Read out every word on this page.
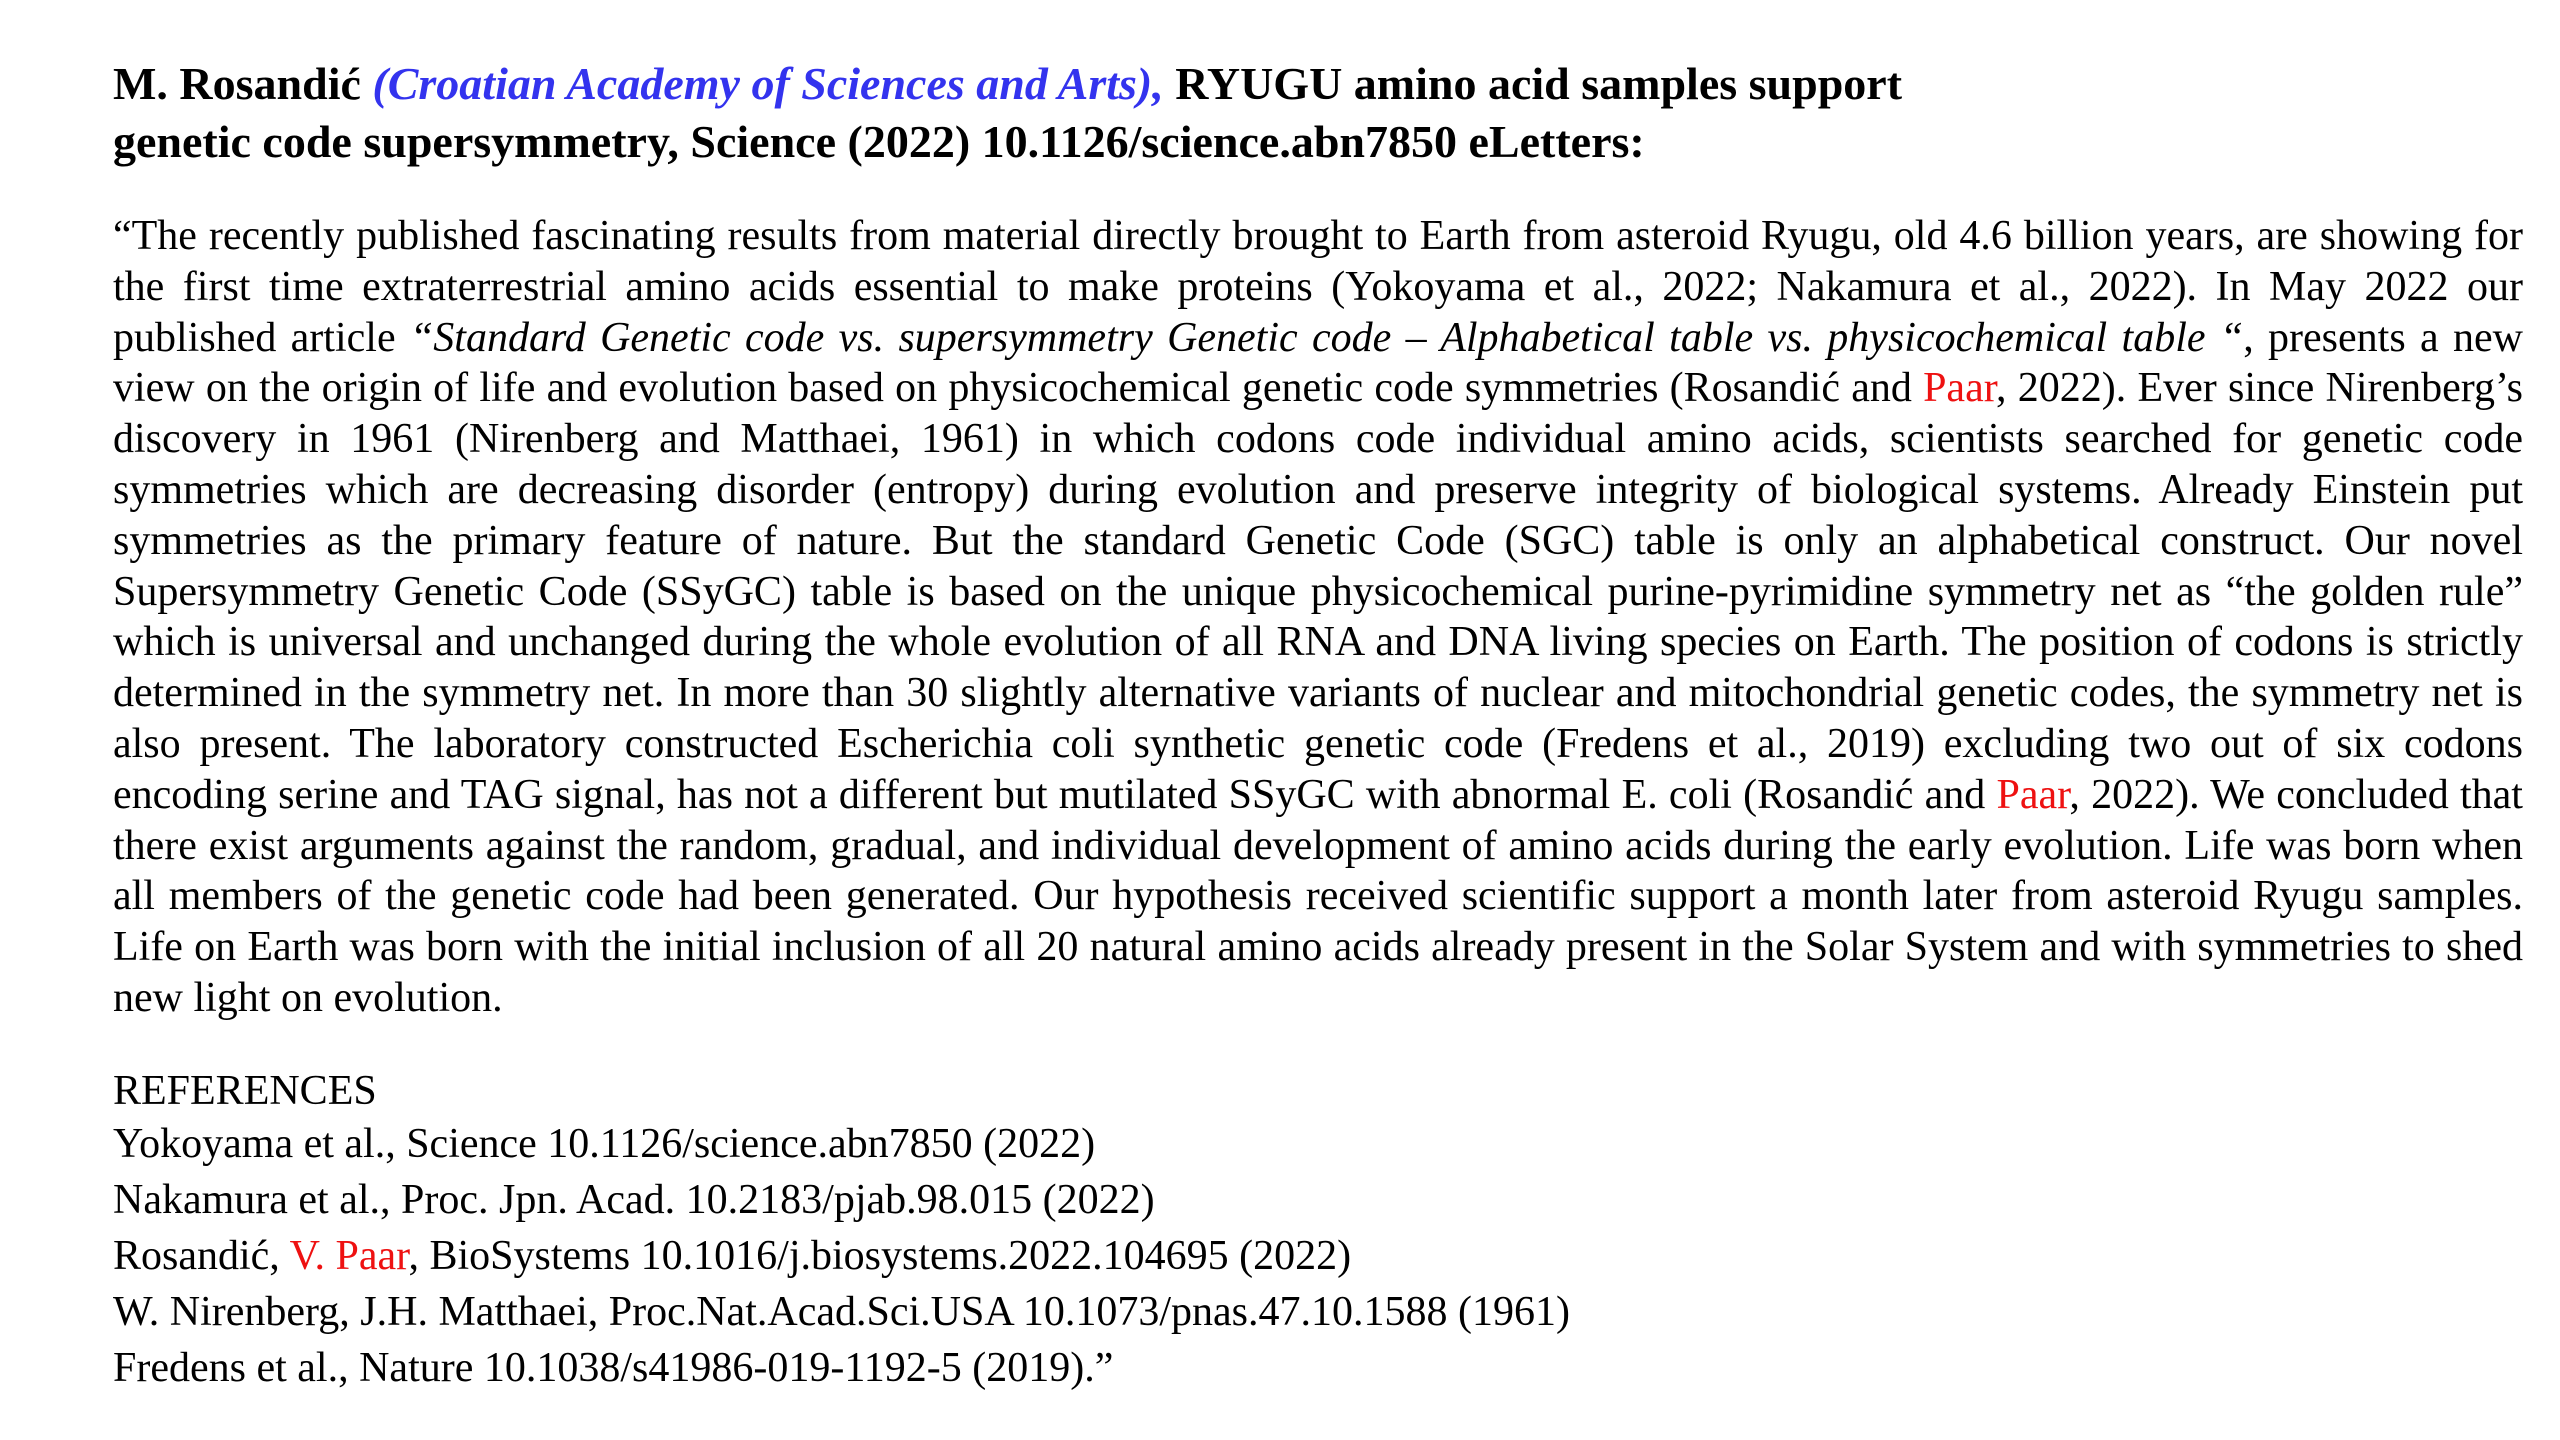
M. Rosandić (Croatian Academy of Sciences and Arts), RYUGU amino acid samples support
genetic code supersymmetry, Science (2022) 10.1126/science.abn7850 eLetters:

“The recently published fascinating results from material directly brought to Earth from asteroid Ryugu, old 4.6 billion years, are showing for the first time extraterrestrial amino acids essential to make proteins (Yokoyama et al., 2022; Nakamura et al., 2022). In May 2022 our published article “Standard Genetic code vs. supersymmetry Genetic code – Alphabetical table vs. physicochemical table “, presents a new view on the origin of life and evolution based on physicochemical genetic code symmetries (Rosandić and Paar, 2022). Ever since Nirenberg’s discovery in 1961 (Nirenberg and Matthaei, 1961) in which codons code individual amino acids, scientists searched for genetic code symmetries which are decreasing disorder (entropy) during evolution and preserve integrity of biological systems. Already Einstein put symmetries as the primary feature of nature. But the standard Genetic Code (SGC) table is only an alphabetical construct. Our novel Supersymmetry Genetic Code (SSyGC) table is based on the unique physicochemical purine-pyrimidine symmetry net as “the golden rule” which is universal and unchanged during the whole evolution of all RNA and DNA living species on Earth. The position of codons is strictly determined in the symmetry net. In more than 30 slightly alternative variants of nuclear and mitochondrial genetic codes, the symmetry net is also present. The laboratory constructed Escherichia coli synthetic genetic code (Fredens et al., 2019) excluding two out of six codons encoding serine and TAG signal, has not a different but mutilated SSyGC with abnormal E. coli (Rosandić and Paar, 2022). We concluded that there exist arguments against the random, gradual, and individual development of amino acids during the early evolution. Life was born when all members of the genetic code had been generated. Our hypothesis received scientific support a month later from asteroid Ryugu samples. Life on Earth was born with the initial inclusion of all 20 natural amino acids already present in the Solar System and with symmetries to shed new light on evolution.

REFERENCES
Yokoyama et al., Science 10.1126/science.abn7850 (2022)
Nakamura et al., Proc. Jpn. Acad. 10.2183/pjab.98.015 (2022)
Rosandić, V. Paar, BioSystems 10.1016/j.biosystems.2022.104695 (2022)
W. Nirenberg, J.H. Matthaei, Proc.Nat.Acad.Sci.USA 10.1073/pnas.47.10.1588 (1961)
Fredens et al., Nature 10.1038/s41986-019-1192-5 (2019).”
